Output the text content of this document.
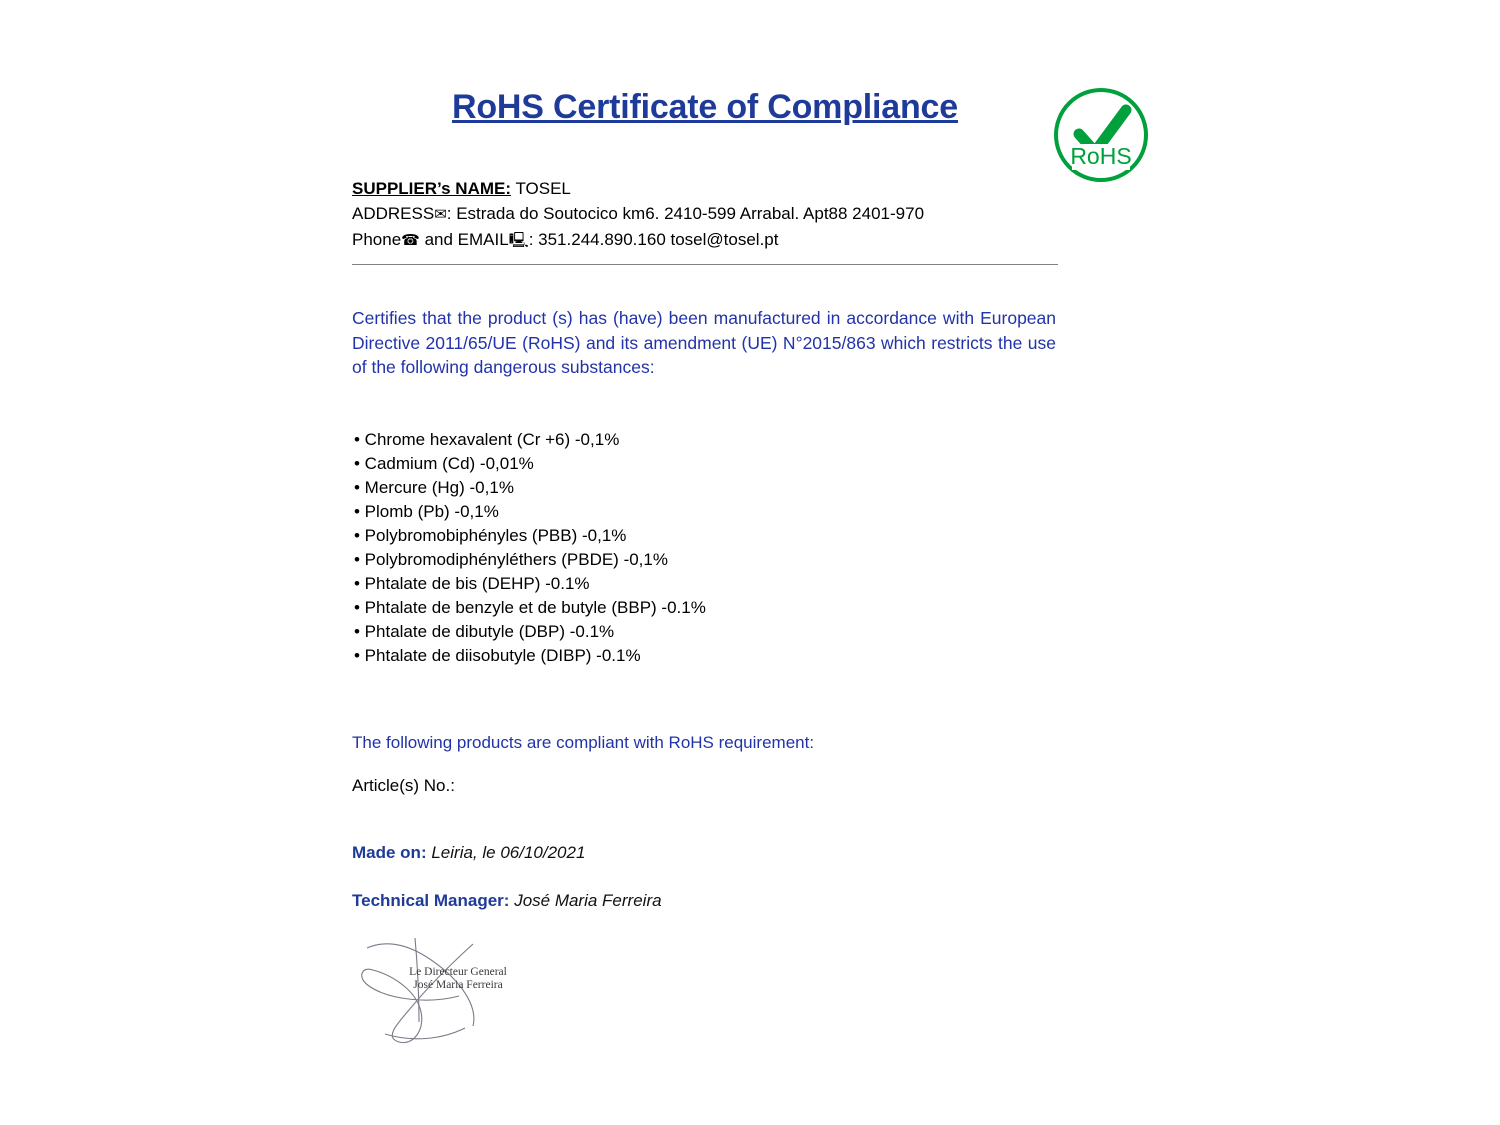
RoHS Certificate of Compliance
RoHS
SUPPLIER’s NAME: TOSEL
ADDRESS✉: Estrada do Soutocico km6. 2410-599 Arrabal. Apt88 2401-970
Phone☎ and EMAIL🖳: 351.244.890.160 tosel@tosel.pt
Certifies that the product (s) has (have) been manufactured in accordance with European Directive 2011/65/UE (RoHS) and its amendment (UE) N°2015/863 which restricts the use of the following dangerous substances:
• Chrome hexavalent (Cr +6) -0,1%
• Cadmium (Cd) -0,01%
• Mercure (Hg) -0,1%
• Plomb (Pb) -0,1%
• Polybromobiphényles (PBB) -0,1%
• Polybromodiphényléthers (PBDE) -0,1%
• Phtalate de bis (DEHP) -0.1%
• Phtalate de benzyle et de butyle (BBP) -0.1%
• Phtalate de dibutyle (DBP) -0.1%
• Phtalate de diisobutyle (DIBP) -0.1%
The following products are compliant with RoHS requirement:
Article(s) No.:
Made on: Leiria, le 06/10/2021
Technical Manager: José Maria Ferreira
Le Directeur General
José Maria Ferreira
